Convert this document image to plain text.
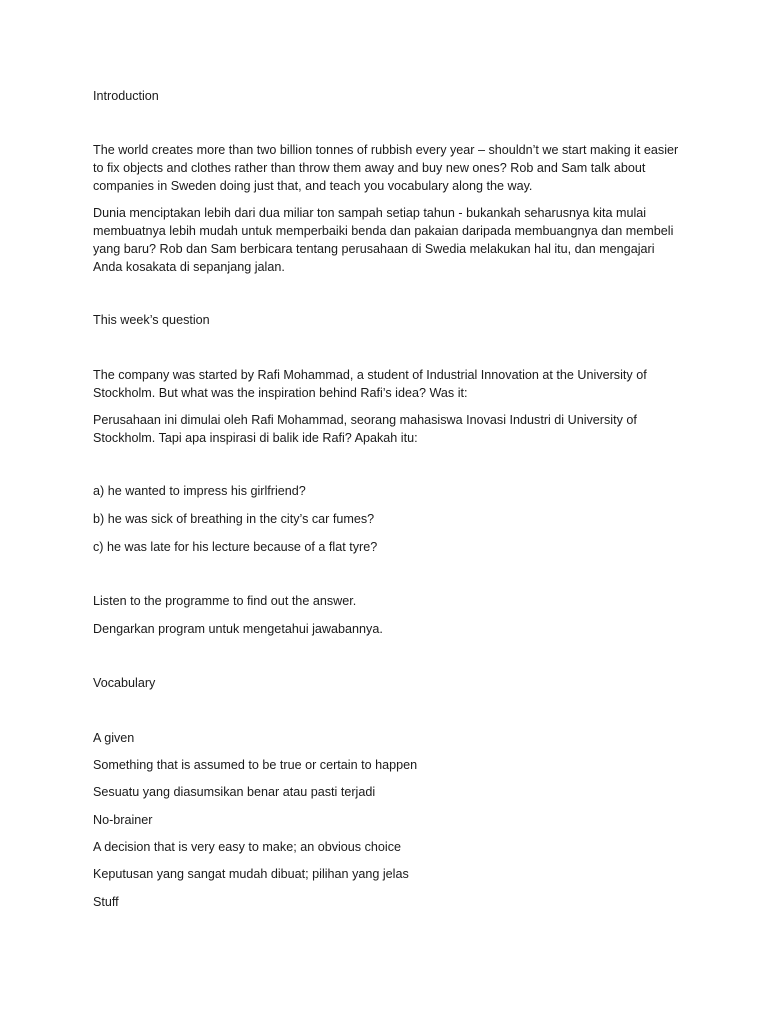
Introduction

The world creates more than two billion tonnes of rubbish every year – shouldn’t we start making it easier to fix objects and clothes rather than throw them away and buy new ones? Rob and Sam talk about companies in Sweden doing just that, and teach you vocabulary along the way.

Dunia menciptakan lebih dari dua miliar ton sampah setiap tahun - bukankah seharusnya kita mulai membuatnya lebih mudah untuk memperbaiki benda dan pakaian daripada membuangnya dan membeli yang baru? Rob dan Sam berbicara tentang perusahaan di Swedia melakukan hal itu, dan mengajari Anda kosakata di sepanjang jalan.

This week’s question

The company was started by Rafi Mohammad, a student of Industrial Innovation at the University of Stockholm. But what was the inspiration behind Rafi’s idea? Was it:

Perusahaan ini dimulai oleh Rafi Mohammad, seorang mahasiswa Inovasi Industri di University of Stockholm. Tapi apa inspirasi di balik ide Rafi? Apakah itu:

a) he wanted to impress his girlfriend?

b) he was sick of breathing in the city’s car fumes?

c) he was late for his lecture because of a flat tyre?

Listen to the programme to find out the answer.

Dengarkan program untuk mengetahui jawabannya.

Vocabulary

A given

Something that is assumed to be true or certain to happen

Sesuatu yang diasumsikan benar atau pasti terjadi

No-brainer

A decision that is very easy to make; an obvious choice

Keputusan yang sangat mudah dibuat; pilihan yang jelas

Stuff
